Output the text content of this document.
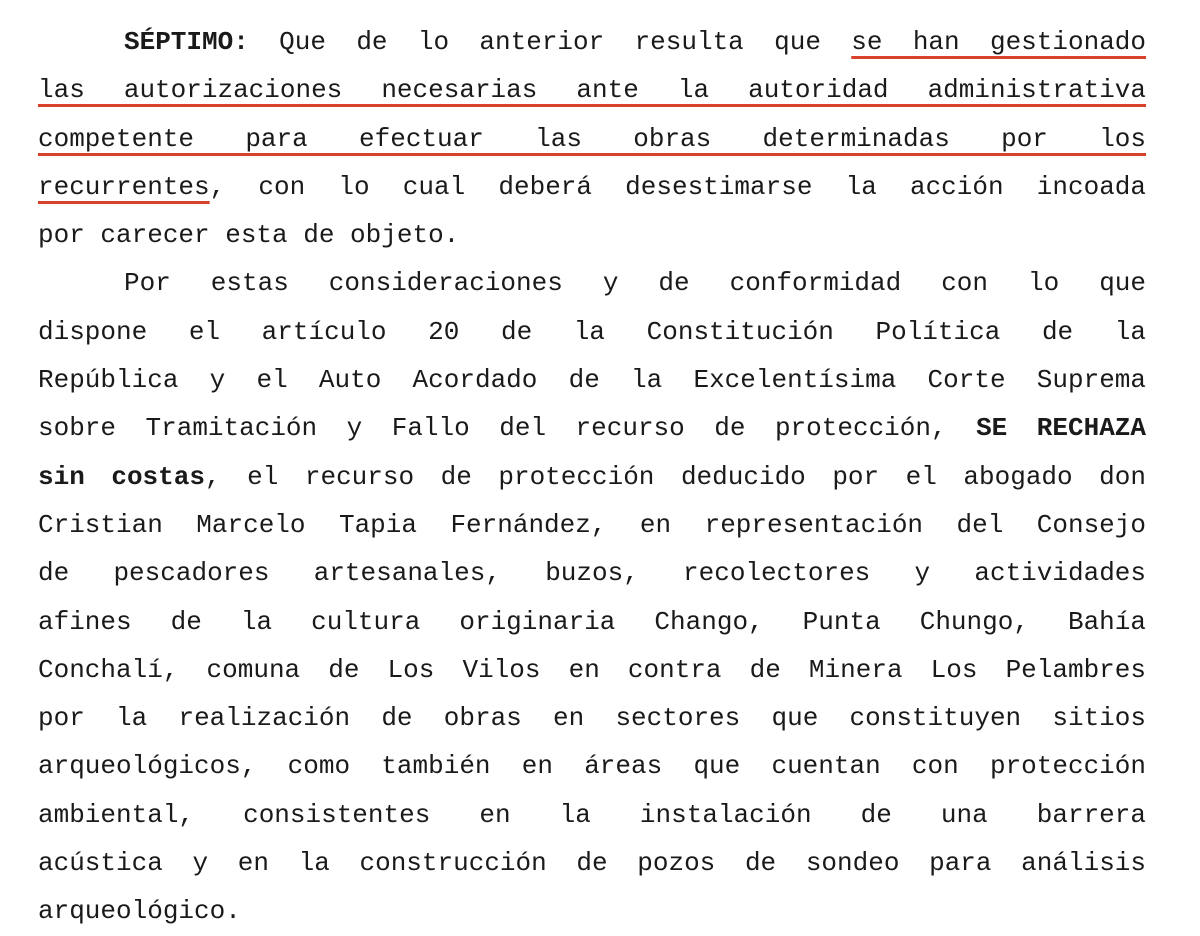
SÉPTIMO: Que de lo anterior resulta que se han gestionado
las autorizaciones necesarias ante la autoridad administrativa
competente para efectuar las obras determinadas por los
recurrentes, con lo cual deberá desestimarse la acción incoada
por carecer esta de objeto.
Por estas consideraciones y de conformidad con lo que
dispone el artículo 20 de la Constitución Política de la
República y el Auto Acordado de la Excelentísima Corte Suprema
sobre Tramitación y Fallo del recurso de protección, SE RECHAZA
sin costas, el recurso de protección deducido por el abogado don
Cristian Marcelo Tapia Fernández, en representación del Consejo
de pescadores artesanales, buzos, recolectores y actividades
afines de la cultura originaria Chango, Punta Chungo, Bahía
Conchalí, comuna de Los Vilos en contra de Minera Los Pelambres
por la realización de obras en sectores que constituyen sitios
arqueológicos, como también en áreas que cuentan con protección
ambiental, consistentes en la instalación de una barrera
acústica y en la construcción de pozos de sondeo para análisis
arqueológico.
